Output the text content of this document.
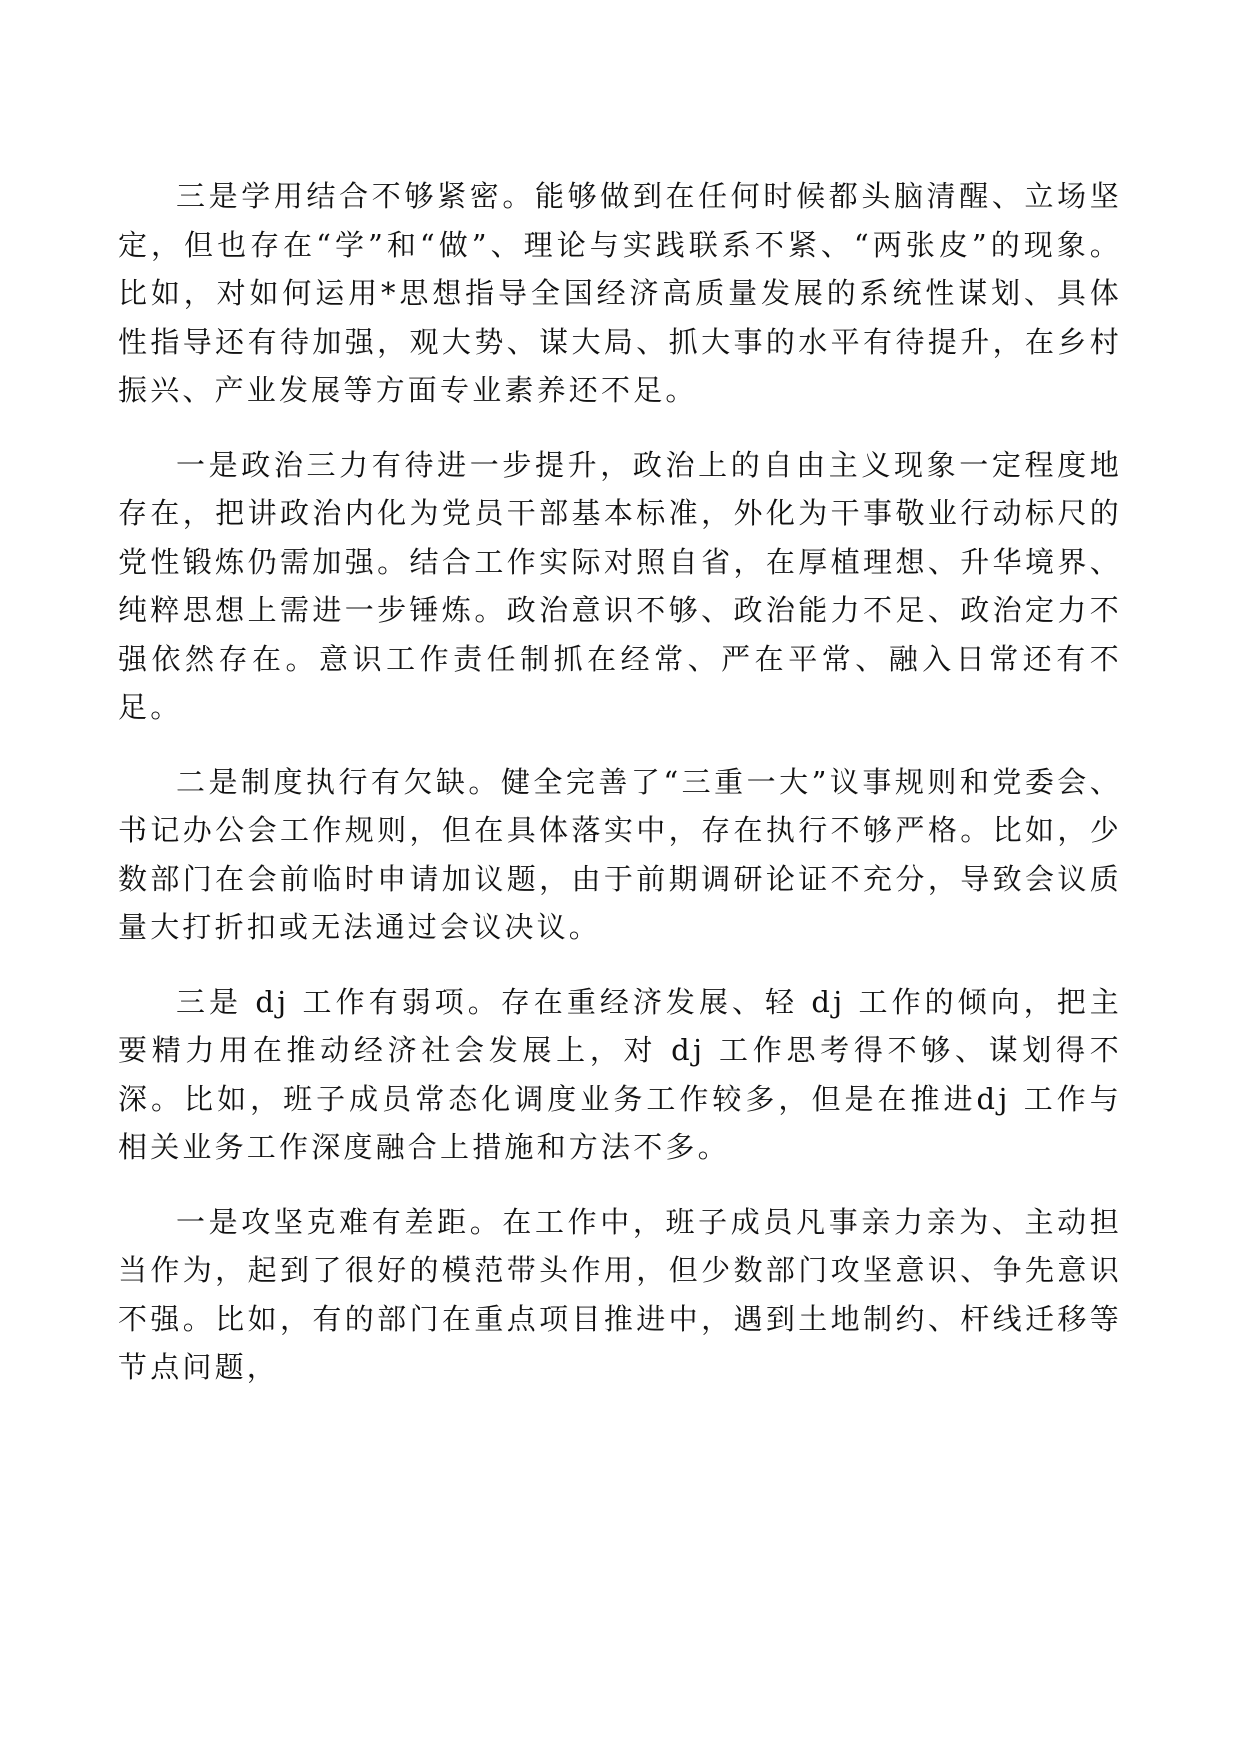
三是学用结合不够紧密。能够做到在任何时候都头脑清醒、立场坚定，但也存在“学”和“做”、理论与实践联系不紧、“两张皮”的现象。比如，对如何运用*思想指导全国经济高质量发展的系统性谋划、具体性指导还有待加强，观大势、谋大局、抓大事的水平有待提升，在乡村振兴、产业发展等方面专业素养还不足。

一是政治三力有待进一步提升，政治上的自由主义现象一定程度地存在，把讲政治内化为党员干部基本标准，外化为干事敬业行动标尺的党性锻炼仍需加强。结合工作实际对照自省，在厚植理想、升华境界、纯粹思想上需进一步锤炼。政治意识不够、政治能力不足、政治定力不强依然存在。意识工作责任制抓在经常、严在平常、融入日常还有不足。

二是制度执行有欠缺。健全完善了“三重一大”议事规则和党委会、书记办公会工作规则，但在具体落实中，存在执行不够严格。比如，少数部门在会前临时申请加议题，由于前期调研论证不充分，导致会议质量大打折扣或无法通过会议决议。

三是 dj 工作有弱项。存在重经济发展、轻 dj 工作的倾向，把主要精力用在推动经济社会发展上，对 dj 工作思考得不够、谋划得不深。比如，班子成员常态化调度业务工作较多，但是在推进dj 工作与相关业务工作深度融合上措施和方法不多。

一是攻坚克难有差距。在工作中，班子成员凡事亲力亲为、主动担当作为，起到了很好的模范带头作用，但少数部门攻坚意识、争先意识不强。比如，有的部门在重点项目推进中，遇到土地制约、杆线迁移等节点问题，
